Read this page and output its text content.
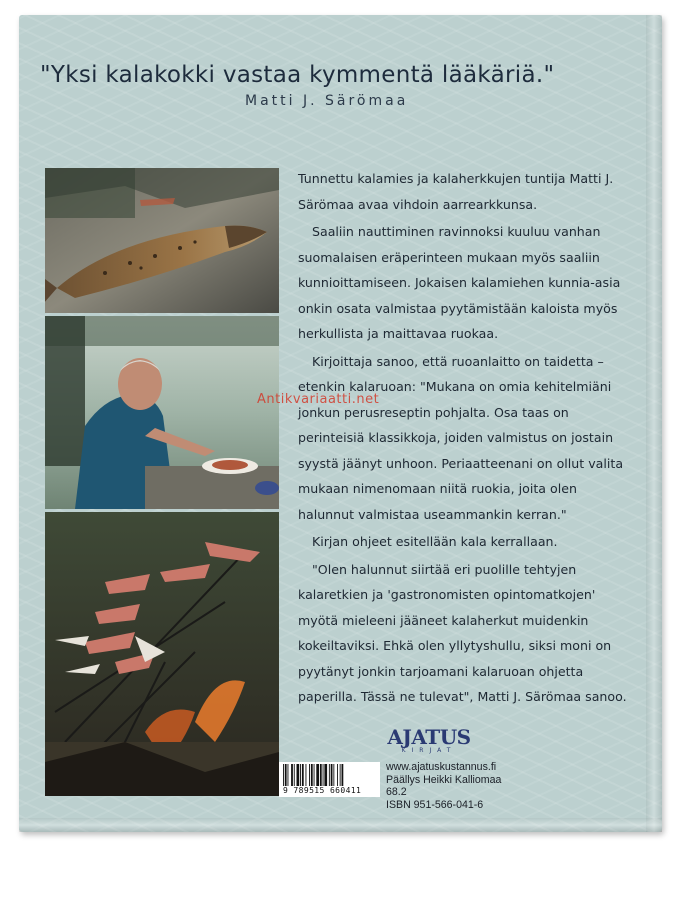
"Yksi kalakokki vastaa kymmentä lääkäriä."
Matti J. Särömaa

Tunnettu kalamies ja kalaherkkujen tuntija Matti J. Särömaa avaa vihdoin aarrearkkunsa.

Saaliin nauttiminen ravinnoksi kuuluu vanhan suomalaisen eräperinteen mukaan myös saaliin kunnioittamiseen. Jokaisen kalamiehen kunnia-asia onkin osata valmistaa pyytämistään kaloista myös herkullista ja maittavaa ruokaa.

Kirjoittaja sanoo, että ruoanlaitto on taidetta – etenkin kalaruoan: "Mukana on omia kehitelmiäni jonkun perusreseptin pohjalta. Osa taas on perinteisiä klassikkoja, joiden valmistus on jostain syystä jäänyt unhoon. Periaatteenani on ollut valita mukaan nimenomaan niitä ruokia, joita olen halunnut valmistaa useammankin kerran."

Kirjan ohjeet esitellään kala kerrallaan.

"Olen halunnut siirtää eri puolille tehtyjen kalaretkien ja 'gastronomisten opintomatkojen' myötä mieleeni jääneet kalaherkut muidenkin kokeiltaviksi. Ehkä olen yllytyshullu, siksi moni on pyytänyt jonkin tarjoamani kalaruoan ohjetta paperilla. Tässä ne tulevat", Matti J. Särömaa sanoo.

Antikvariaatti.net
9 789515 660411
AJATUS
KIRJAT
www.ajatuskustannus.fi
Päällys Heikki Kalliomaa
68.2
ISBN 951-566-041-6
